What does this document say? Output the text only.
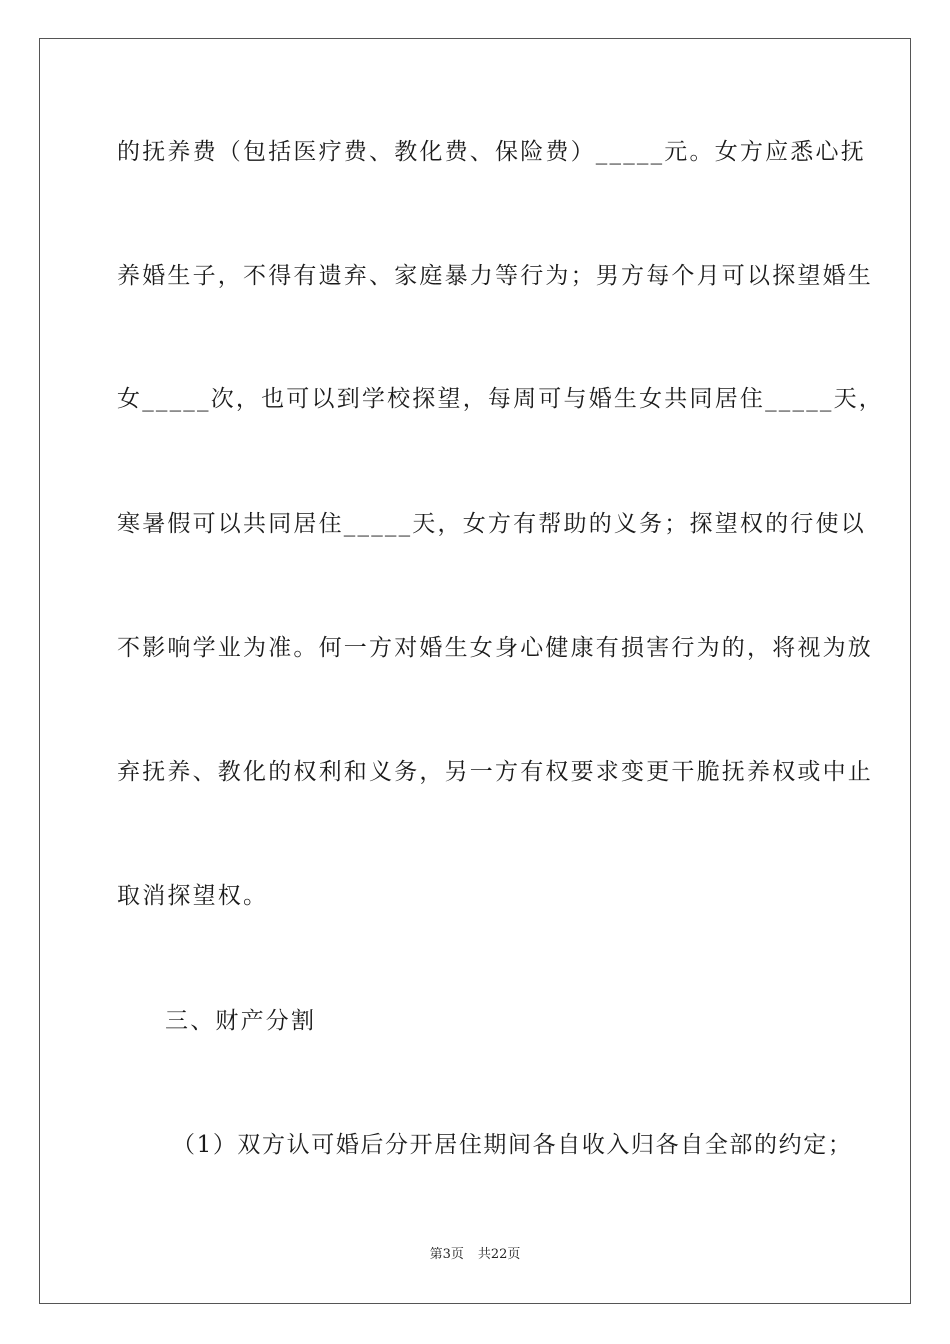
的抚养费（包括医疗费、教化费、保险费）_____元。女方应悉心抚
养婚生子，不得有遗弃、家庭暴力等行为；男方每个月可以探望婚生
女_____次，也可以到学校探望，每周可与婚生女共同居住_____天，
寒暑假可以共同居住_____天，女方有帮助的义务；探望权的行使以
不影响学业为准。何一方对婚生女身心健康有损害行为的，将视为放
弃抚养、教化的权利和义务，另一方有权要求变更干脆抚养权或中止
取消探望权。
三、财产分割
（1）双方认可婚后分开居住期间各自收入归各自全部的约定；
第3页 共22页
